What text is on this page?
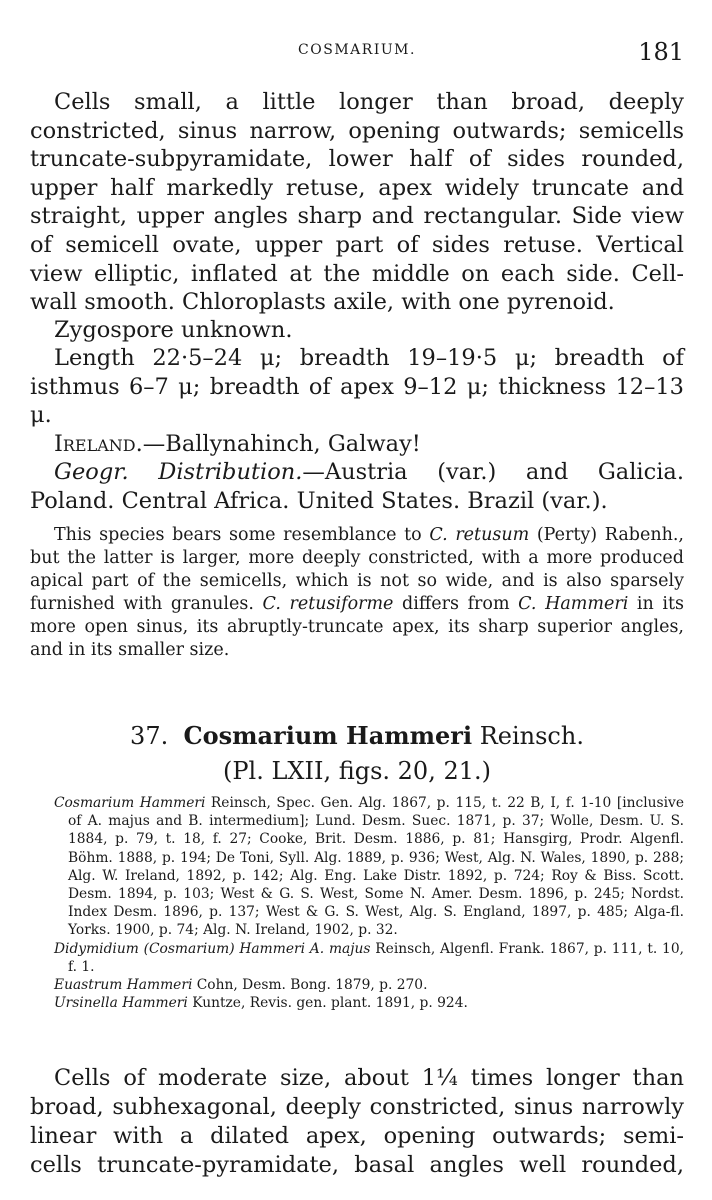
COSMARIUM.	181

Cells small, a little longer than broad, deeply constricted, sinus narrow, opening outwards; semicells truncate-subpyramidate, lower half of sides rounded, upper half markedly retuse, apex widely truncate and straight, upper angles sharp and rectangular. Side view of semicell ovate, upper part of sides retuse. Vertical view elliptic, inflated at the middle on each side. Cell-wall smooth. Chloroplasts axile, with one pyrenoid.

Zygospore unknown.

Length 22·5–24 μ; breadth 19–19·5 μ; breadth of isthmus 6–7 μ; breadth of apex 9–12 μ; thickness 12–13 μ.

Ireland.—Ballynahinch, Galway!

Geogr. Distribution.—Austria (var.) and Galicia. Poland. Central Africa. United States. Brazil (var.).

This species bears some resemblance to C. retusum (Perty) Rabenh., but the latter is larger, more deeply constricted, with a more produced apical part of the semicells, which is not so wide, and is also sparsely furnished with granules. C. retusiforme differs from C. Hammeri in its more open sinus, its abruptly-truncate apex, its sharp superior angles, and in its smaller size.

37. Cosmarium Hammeri Reinsch.
(Pl. LXII, figs. 20, 21.)

Cosmarium Hammeri Reinsch, Spec. Gen. Alg. 1867, p. 115, t. 22 B, I, f. 1-10 [inclusive of A. majus and B. intermedium]; Lund. Desm. Suec. 1871, p. 37; Wolle, Desm. U. S. 1884, p. 79, t. 18, f. 27; Cooke, Brit. Desm. 1886, p. 81; Hansgirg, Prodr. Algenfl. Böhm. 1888, p. 194; De Toni, Syll. Alg. 1889, p. 936; West, Alg. N. Wales, 1890, p. 288; Alg. W. Ireland, 1892, p. 142; Alg. Eng. Lake Distr. 1892, p. 724; Roy & Biss. Scott. Desm. 1894, p. 103; West & G. S. West, Some N. Amer. Desm. 1896, p. 245; Nordst. Index Desm. 1896, p. 137; West & G. S. West, Alg. S. England, 1897, p. 485; Alga-fl. Yorks. 1900, p. 74; Alg. N. Ireland, 1902, p. 32.

Didymidium (Cosmarium) Hammeri A. majus Reinsch, Algenfl. Frank. 1867, p. 111, t. 10, f. 1.

Euastrum Hammeri Cohn, Desm. Bong. 1879, p. 270.

Ursinella Hammeri Kuntze, Revis. gen. plant. 1891, p. 924.

Cells of moderate size, about 1¼ times longer than

broad, subhexagonal, deeply constricted, sinus narrowly

linear with a dilated apex, opening outwards; semi-

cells truncate-pyramidate, basal angles well rounded,
